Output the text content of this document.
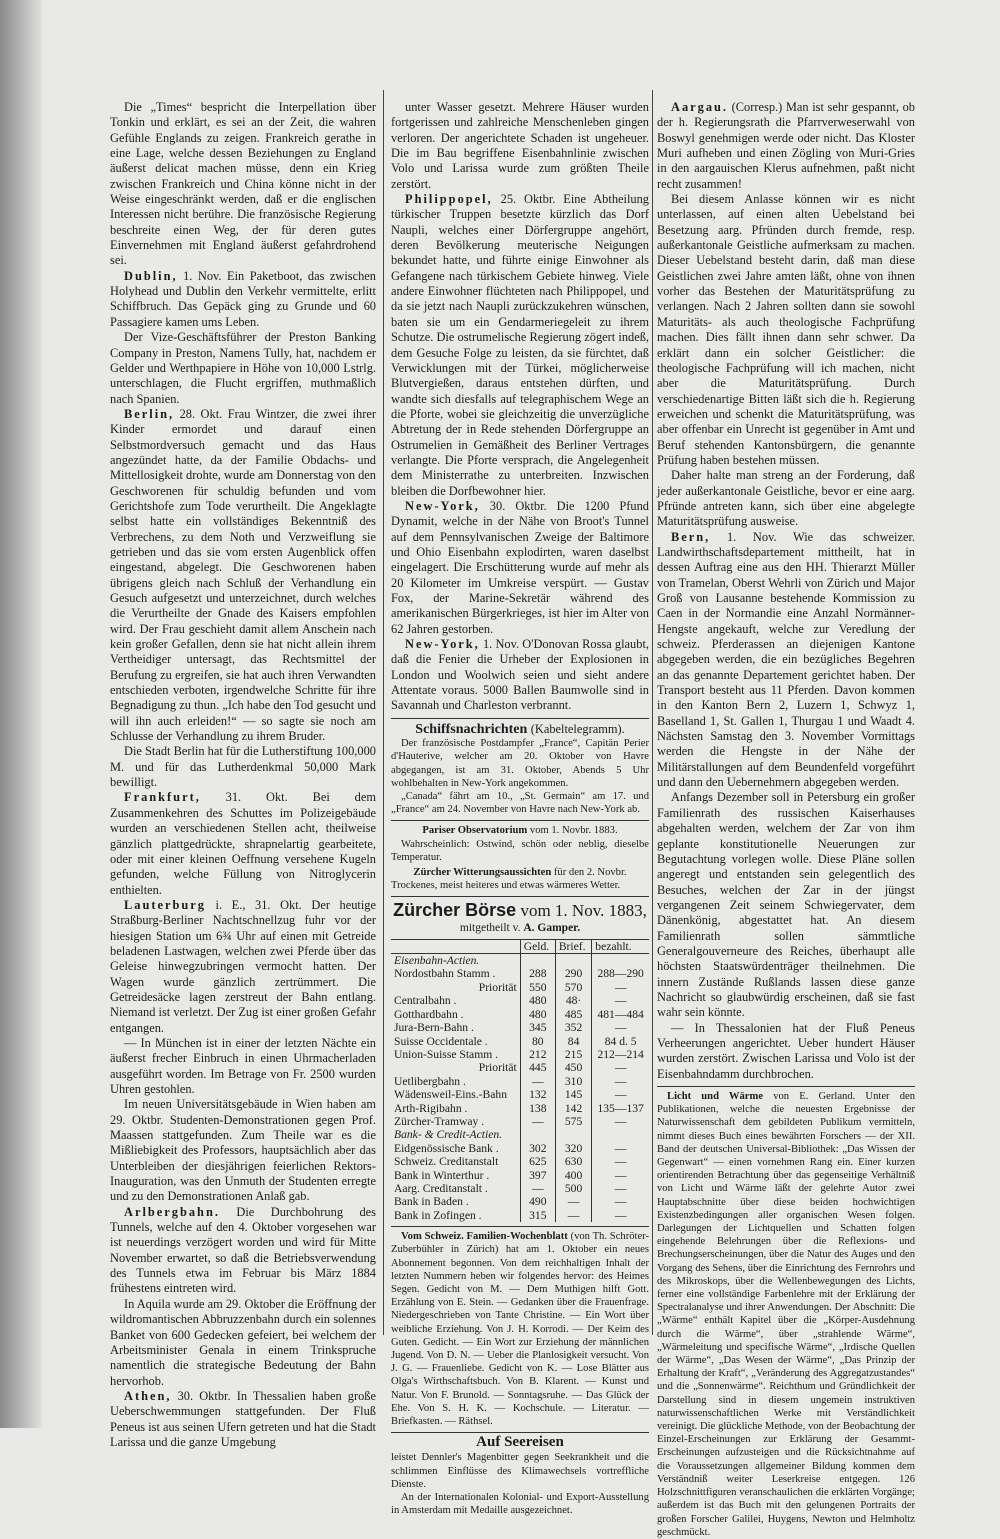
Die „Times“ bespricht die Interpellation über Tonkin und erklärt, es sei an der Zeit, die wahren Gefühle Englands zu zeigen. Frankreich gerathe in eine Lage, welche dessen Beziehungen zu England äußerst delicat machen müsse, denn ein Krieg zwischen Frankreich und China könne nicht in der Weise eingeschränkt werden, daß er die englischen Interessen nicht berühre. Die französische Regierung beschreite einen Weg, der für deren gutes Einvernehmen mit England äußerst gefahrdrohend sei.

Dublin, 1. Nov. Ein Paketboot, das zwischen Holyhead und Dublin den Verkehr vermittelte, erlitt Schiffbruch. Das Gepäck ging zu Grunde und 60 Passagiere kamen ums Leben.

Der Vize-Geschäftsführer der Preston Banking Company in Preston, Namens Tully, hat, nachdem er Gelder und Werthpapiere in Höhe von 10,000 Lstrlg. unterschlagen, die Flucht ergriffen, muthmaßlich nach Spanien.

Berlin, 28. Okt. Frau Wintzer, die zwei ihrer Kinder ermordet und darauf einen Selbstmordversuch gemacht und das Haus angezündet hatte, da der Familie Obdachs- und Mittellosigkeit drohte, wurde am Donnerstag von den Geschworenen für schuldig befunden und vom Gerichtshofe zum Tode verurtheilt. Die Angeklagte selbst hatte ein vollständiges Bekenntniß des Verbrechens, zu dem Noth und Verzweiflung sie getrieben und das sie vom ersten Augenblick offen eingestand, abgelegt. Die Geschworenen haben übrigens gleich nach Schluß der Verhandlung ein Gesuch aufgesetzt und unterzeichnet, durch welches die Verurtheilte der Gnade des Kaisers empfohlen wird. Der Frau geschieht damit allem Anschein nach kein großer Gefallen, denn sie hat nicht allein ihrem Vertheidiger untersagt, das Rechtsmittel der Berufung zu ergreifen, sie hat auch ihren Verwandten entschieden verboten, irgendwelche Schritte für ihre Begnadigung zu thun. „Ich habe den Tod gesucht und will ihn auch erleiden!“ — so sagte sie noch am Schlusse der Verhandlung zu ihrem Bruder.

Die Stadt Berlin hat für die Lutherstiftung 100,000 M. und für das Lutherdenkmal 50,000 Mark bewilligt.

Frankfurt, 31. Okt. Bei dem Zusammenkehren des Schuttes im Polizeigebäude wurden an verschiedenen Stellen acht, theilweise gänzlich plattgedrückte, shrapnelartig gearbeitete, oder mit einer kleinen Oeffnung versehene Kugeln gefunden, welche Füllung von Nitroglycerin enthielten.

Lauterburg i. E., 31. Okt. Der heutige Straßburg-Berliner Nachtschnellzug fuhr vor der hiesigen Station um 6¾ Uhr auf einen mit Getreide beladenen Lastwagen, welchen zwei Pferde über das Geleise hinwegzubringen vermocht hatten. Der Wagen wurde gänzlich zertrümmert. Die Getreidesäcke lagen zerstreut der Bahn entlang. Niemand ist verletzt. Der Zug ist einer großen Gefahr entgangen.

— In München ist in einer der letzten Nächte ein äußerst frecher Einbruch in einen Uhrmacherladen ausgeführt worden. Im Betrage von Fr. 2500 wurden Uhren gestohlen.

Im neuen Universitätsgebäude in Wien haben am 29. Oktbr. Studenten-Demonstrationen gegen Prof. Maassen stattgefunden. Zum Theile war es die Mißliebigkeit des Professors, hauptsächlich aber das Unterbleiben der diesjährigen feierlichen Rektors-Inauguration, was den Unmuth der Studenten erregte und zu den Demonstrationen Anlaß gab.

Arlbergbahn. Die Durchbohrung des Tunnels, welche auf den 4. Oktober vorgesehen war ist neuerdings verzögert worden und wird für Mitte November erwartet, so daß die Betriebsverwendung des Tunnels etwa im Februar bis März 1884 frühestens eintreten wird.

In Aquila wurde am 29. Oktober die Eröffnung der wildromantischen Abbruzzenbahn durch ein solennes Banket von 600 Gedecken gefeiert, bei welchem der Arbeitsminister Genala in einem Trinkspruche namentlich die strategische Bedeutung der Bahn hervorhob.

Athen, 30. Oktbr. In Thessalien haben große Ueberschwemmungen stattgefunden. Der Fluß Peneus ist aus seinen Ufern getreten und hat die Stadt Larissa und die ganze Umgebung

unter Wasser gesetzt. Mehrere Häuser wurden fortgerissen und zahlreiche Menschenleben gingen verloren. Der angerichtete Schaden ist ungeheuer. Die im Bau begriffene Eisenbahnlinie zwischen Volo und Larissa wurde zum größten Theile zerstört.

Philippopel, 25. Oktbr. Eine Abtheilung türkischer Truppen besetzte kürzlich das Dorf Naupli, welches einer Dörfergruppe angehört, deren Bevölkerung meuterische Neigungen bekundet hatte, und führte einige Einwohner als Gefangene nach türkischem Gebiete hinweg. Viele andere Einwohner flüchteten nach Philippopel, und da sie jetzt nach Naupli zurückzukehren wünschen, baten sie um ein Gendarmeriegeleit zu ihrem Schutze. Die ostrumelische Regierung zögert indeß, dem Gesuche Folge zu leisten, da sie fürchtet, daß Verwicklungen mit der Türkei, möglicherweise Blutvergießen, daraus entstehen dürften, und wandte sich diesfalls auf telegraphischem Wege an die Pforte, wobei sie gleichzeitig die unverzügliche Abtretung der in Rede stehenden Dörfergruppe an Ostrumelien in Gemäßheit des Berliner Vertrages verlangte. Die Pforte versprach, die Angelegenheit dem Ministerrathe zu unterbreiten. Inzwischen bleiben die Dorfbewohner hier.

New-York, 30. Oktbr. Die 1200 Pfund Dynamit, welche in der Nähe von Broot's Tunnel auf dem Pennsylvanischen Zweige der Baltimore und Ohio Eisenbahn explodirten, waren daselbst eingelagert. Die Erschütterung wurde auf mehr als 20 Kilometer im Umkreise verspürt. — Gustav Fox, der Marine-Sekretär während des amerikanischen Bürgerkrieges, ist hier im Alter von 62 Jahren gestorben.

New-York, 1. Nov. O'Donovan Rossa glaubt, daß die Fenier die Urheber der Explosionen in London und Woolwich seien und sieht andere Attentate voraus. 5000 Ballen Baumwolle sind in Savannah und Charleston verbrannt.

Schiffsnachrichten (Kabeltelegramm).

Der französische Postdampfer „France“, Capitän Perier d'Hauterive, welcher am 20. Oktober von Havre abgegangen, ist am 31. Oktober, Abends 5 Uhr wohlbehalten in New-York angekommen.

„Canada“ fährt am 10., „St. Germain“ am 17. und „France“ am 24. November von Havre nach New-York ab.

Pariser Observatorium vom 1. Novbr. 1883.

Wahrscheinlich: Ostwind, schön oder neblig, dieselbe Temperatur.

Zürcher Witterungsaussichten für den 2. Novbr.
Trockenes, meist heiteres und etwas wärmeres Wetter.
Zürcher Börse vom 1. Nov. 1883,
mitgetheilt v. A. Gamper.
	Geld.	Brief.	bezahlt.
Eisenbahn-Actien.			
Nordostbahn Stamm .	288	290	288—290
Priorität	550	570	—
Centralbahn .	480	48·	—
Gotthardbahn .	480	485	481—484
Jura-Bern-Bahn .	345	352	—
Suisse Occidentale .	80	84	84 d. 5
Union-Suisse Stamm .	212	215	212—214
Priorität	445	450	—
Uetlibergbahn .	—	310	—
Wädensweil-Eins.-Bahn	132	145	—
Arth-Rigibahn .	138	142	135—137
Zürcher-Tramway .	—	575	—
Bank- & Credit-Actien.			
Eidgenössische Bank .	302	320	—
Schweiz. Creditanstalt	625	630	—
Bank in Winterthur .	397	400	—
Aarg. Creditanstalt .	—	500	—
Bank in Baden .	490	—	—
Bank in Zofingen .	315	—	—

Vom Schweiz. Familien-Wochenblatt (von Th. Schröter-Zuberbühler in Zürich) hat am 1. Oktober ein neues Abonnement begonnen. Von dem reichhaltigen Inhalt der letzten Nummern heben wir folgendes hervor: des Heimes Segen. Gedicht von M. — Dem Muthigen hilft Gott. Erzählung von E. Stein. — Gedanken über die Frauenfrage. Niedergeschrieben von Tante Christine. — Ein Wort über weibliche Erziehung. Von J. H. Korrodi. — Der Keim des Guten. Gedicht. — Ein Wort zur Erziehung der männlichen Jugend. Von D. N. — Ueber die Planlosigkeit versucht. Von J. G. — Frauenliebe. Gedicht von K. — Lose Blätter aus Olga's Wirthschaftsbuch. Von B. Klarent. — Kunst und Natur. Von F. Brunold. — Sonntagsruhe. — Das Glück der Ehe. Von S. H. K. — Kochschule. — Literatur. — Briefkasten. — Räthsel.

Auf Seereisen
leistet Dennler's Magenbitter gegen Seekrankheit und die schlimmen Einflüsse des Klimawechsels vortreffliche Dienste.

An der Internationalen Kolonial- und Export-Ausstellung in Amsterdam mit Medaille ausgezeichnet.

Aargau. (Corresp.) Man ist sehr gespannt, ob der h. Regierungsrath die Pfarrverweserwahl von Boswyl genehmigen werde oder nicht. Das Kloster Muri aufheben und einen Zögling von Muri-Gries in den aargauischen Klerus aufnehmen, paßt nicht recht zusammen!

Bei diesem Anlasse können wir es nicht unterlassen, auf einen alten Uebelstand bei Besetzung aarg. Pfründen durch fremde, resp. außerkantonale Geistliche aufmerksam zu machen. Dieser Uebelstand besteht darin, daß man diese Geistlichen zwei Jahre amten läßt, ohne von ihnen vorher das Bestehen der Maturitätsprüfung zu verlangen. Nach 2 Jahren sollten dann sie sowohl Maturitäts- als auch theologische Fachprüfung machen. Dies fällt ihnen dann sehr schwer. Da erklärt dann ein solcher Geistlicher: die theologische Fachprüfung will ich machen, nicht aber die Maturitätsprüfung. Durch verschiedenartige Bitten läßt sich die h. Regierung erweichen und schenkt die Maturitätsprüfung, was aber offenbar ein Unrecht ist gegenüber in Amt und Beruf stehenden Kantonsbürgern, die genannte Prüfung haben bestehen müssen.

Daher halte man streng an der Forderung, daß jeder außerkantonale Geistliche, bevor er eine aarg. Pfründe antreten kann, sich über eine abgelegte Maturitätsprüfung ausweise.

Bern, 1. Nov. Wie das schweizer. Landwirthschaftsdepartement mittheilt, hat in dessen Auftrag eine aus den HH. Thierarzt Müller von Tramelan, Oberst Wehrli von Zürich und Major Groß von Lausanne bestehende Kommission zu Caen in der Normandie eine Anzahl Normänner-Hengste angekauft, welche zur Veredlung der schweiz. Pferderassen an diejenigen Kantone abgegeben werden, die ein bezügliches Begehren an das genannte Departement gerichtet haben. Der Transport besteht aus 11 Pferden. Davon kommen in den Kanton Bern 2, Luzern 1, Schwyz 1, Baselland 1, St. Gallen 1, Thurgau 1 und Waadt 4. Nächsten Samstag den 3. November Vormittags werden die Hengste in der Nähe der Militärstallungen auf dem Beundenfeld vorgeführt und dann den Uebernehmern abgegeben werden.

Anfangs Dezember soll in Petersburg ein großer Familienrath des russischen Kaiserhauses abgehalten werden, welchem der Zar von ihm geplante konstitutionelle Neuerungen zur Begutachtung vorlegen wolle. Diese Pläne sollen angeregt und entstanden sein gelegentlich des Besuches, welchen der Zar in der jüngst vergangenen Zeit seinem Schwiegervater, dem Dänenkönig, abgestattet hat. An diesem Familienrath sollen sämmtliche Generalgouverneure des Reiches, überhaupt alle höchsten Staatswürdenträger theilnehmen. Die innern Zustände Rußlands lassen diese ganze Nachricht so glaubwürdig erscheinen, daß sie fast wahr sein könnte.

— In Thessalonien hat der Fluß Peneus Verheerungen angerichtet. Ueber hundert Häuser wurden zerstört. Zwischen Larissa und Volo ist der Eisenbahndamm durchbrochen.

Licht und Wärme von E. Gerland. Unter den Publikationen, welche die neuesten Ergebnisse der Naturwissenschaft dem gebildeten Publikum vermitteln, nimmt dieses Buch eines bewährten Forschers — der XII. Band der deutschen Universal-Bibliothek: „Das Wissen der Gegenwart“ — einen vornehmen Rang ein. Einer kurzen orientirenden Betrachtung über das gegenseitige Verhältniß von Licht und Wärme läßt der gelehrte Autor zwei Hauptabschnitte über diese beiden hochwichtigen Existenzbedingungen aller organischen Wesen folgen. Darlegungen der Lichtquellen und Schatten folgen eingehende Belehrungen über die Reflexions- und Brechungserscheinungen, über die Natur des Auges und den Vorgang des Sehens, über die Einrichtung des Fernrohrs und des Mikroskops, über die Wellenbewegungen des Lichts, ferner eine vollständige Farbenlehre mit der Erklärung der Spectralanalyse und ihrer Anwendungen. Der Abschnitt: Die „Wärme“ enthält Kapitel über die „Körper-Ausdehnung durch die Wärme“, über „strahlende Wärme“, „Wärmeleitung und specifische Wärme“, „Irdische Quellen der Wärme“, „Das Wesen der Wärme“, „Das Prinzip der Erhaltung der Kraft“, „Veränderung des Aggregatzustandes“ und die „Sonnenwärme“. Reichthum und Gründlichkeit der Darstellung sind in diesem ungemein instruktiven naturwissenschaftlichen Werke mit Verständlichkeit vereinigt. Die glückliche Methode, von der Beobachtung der Einzel-Erscheinungen zur Erklärung der Gesammt-Erscheinungen aufzusteigen und die Rücksichtnahme auf die Voraussetzungen allgemeiner Bildung kommen dem Verständniß weiter Leserkreise entgegen. 126 Holzschnittfiguren veranschaulichen die erklärten Vorgänge; außerdem ist das Buch mit den gelungenen Portraits der großen Forscher Galilei, Huygens, Newton und Helmholtz geschmückt.
